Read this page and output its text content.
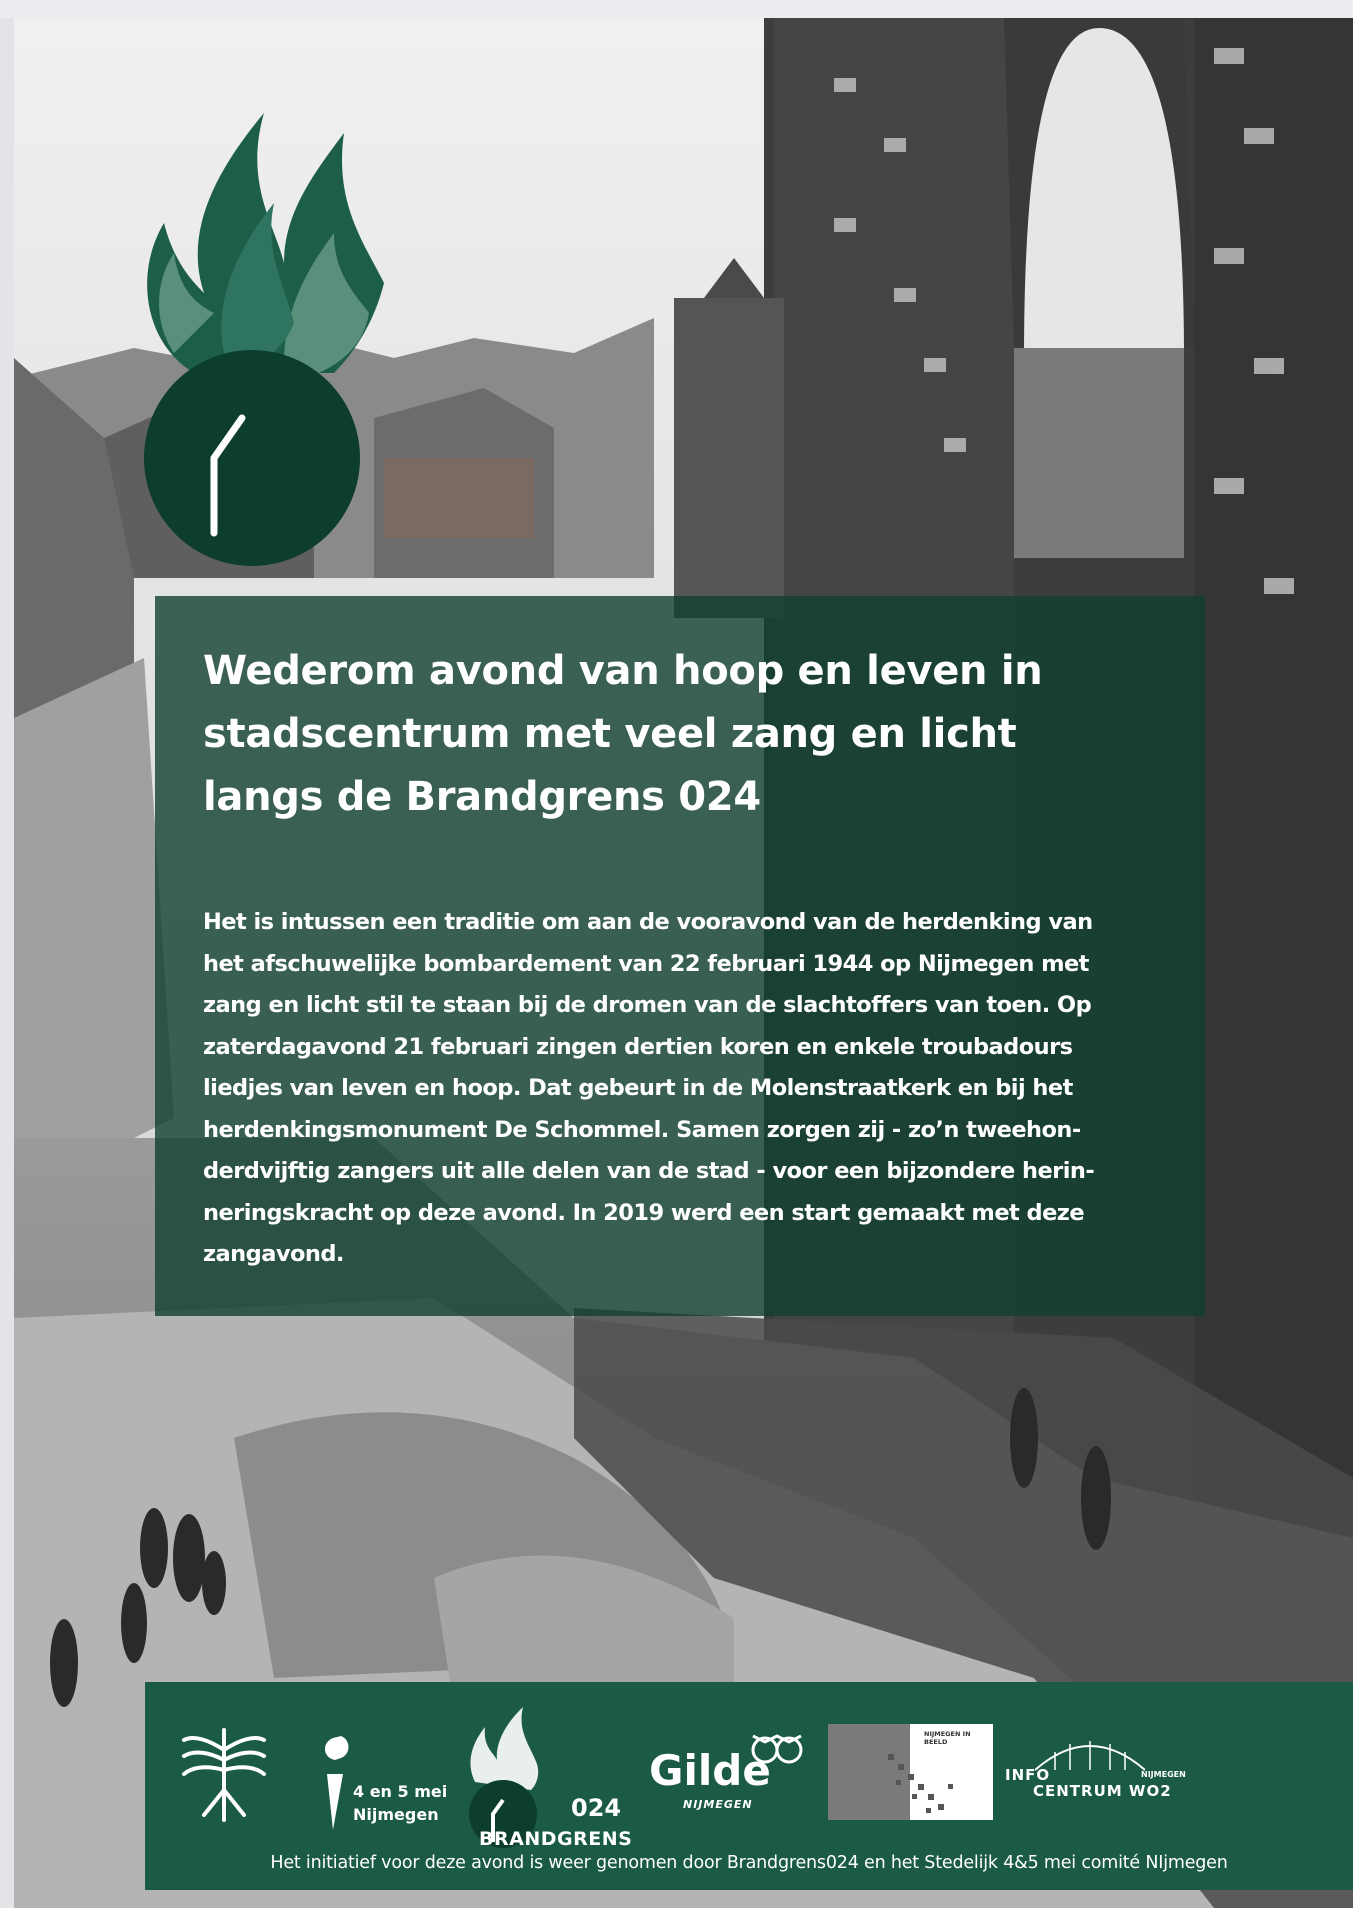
Wederom avond van hoop en leven in
stadscentrum met veel zang en licht
langs de Brandgrens 024

Het is intussen een traditie om aan de vooravond van de herdenking van
het afschuwelijke bombardement van 22 februari 1944 op Nijmegen met
zang en licht stil te staan bij de dromen van de slachtoffers van toen. Op
zaterdagavond 21 februari zingen dertien koren en enkele troubadours
liedjes van leven en hoop. Dat gebeurt in de Molenstraatkerk en bij het
herdenkingsmonument De Schommel. Samen zorgen zij - zo’n tweehon-
derdvijftig zangers uit alle delen van de stad - voor een bijzondere herin-
neringskracht op deze avond. In 2019 werd een start gemaakt met deze
zangavond.

4 en 5 mei
Nijmegen	024
BRANDGRENS
Gilde
NIJMEGEN
NIJMEGEN IN BEELD
INFO
CENTRUM WO2
NIJMEGEN

Het initiatief voor deze avond is weer genomen door Brandgrens024 en het Stedelijk 4&5 mei comité NIjmegen
